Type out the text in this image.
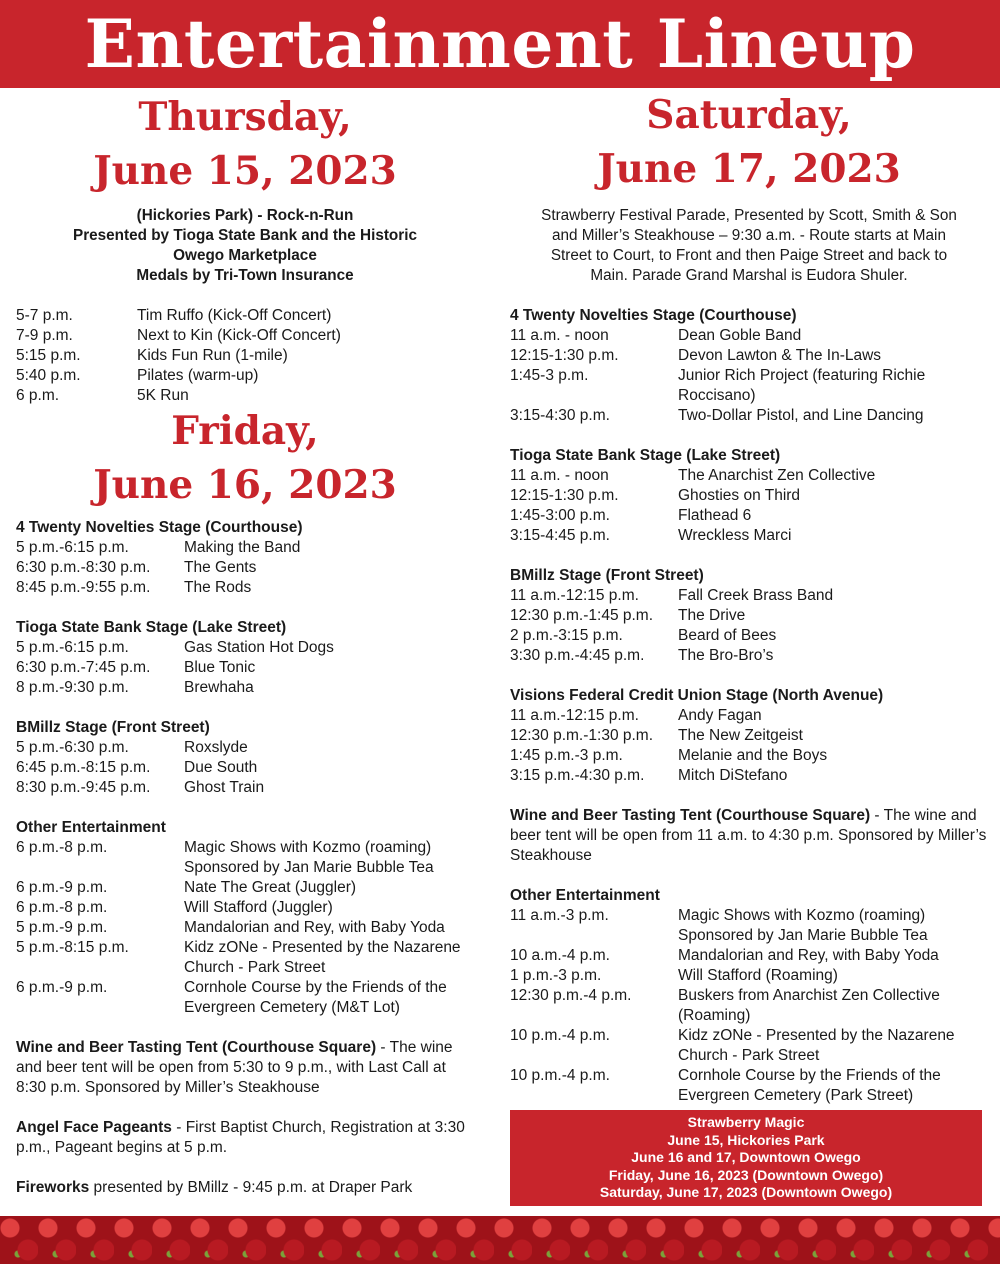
Entertainment Lineup
Thursday,
June 15, 2023
(Hickories Park) - Rock-n-Run
Presented by Tioga State Bank and the Historic
Owego Marketplace
Medals by Tri-Town Insurance
5-7 p.m.	Tim Ruffo (Kick-Off Concert)
7-9 p.m.	Next to Kin (Kick-Off Concert)
5:15 p.m.	Kids Fun Run (1-mile)
5:40 p.m.	Pilates (warm-up)
6 p.m.	5K Run
Friday,
June 16, 2023
4 Twenty Novelties Stage (Courthouse)
5 p.m.-6:15 p.m.	Making the Band
6:30 p.m.-8:30 p.m.	The Gents
8:45 p.m.-9:55 p.m.	The Rods
Tioga State Bank Stage (Lake Street)
5 p.m.-6:15 p.m.	Gas Station Hot Dogs
6:30 p.m.-7:45 p.m.	Blue Tonic
8 p.m.-9:30 p.m.	Brewhaha
BMillz Stage (Front Street)
5 p.m.-6:30 p.m.	Roxslyde
6:45 p.m.-8:15 p.m.	Due South
8:30 p.m.-9:45 p.m.	Ghost Train
Other Entertainment
6 p.m.-8 p.m.	Magic Shows with Kozmo (roaming) Sponsored by Jan Marie Bubble Tea
6 p.m.-9 p.m.	Nate The Great (Juggler)
6 p.m.-8 p.m.	Will Stafford (Juggler)
5 p.m.-9 p.m.	Mandalorian and Rey, with Baby Yoda
5 p.m.-8:15 p.m.	Kidz zONe - Presented by the Nazarene Church - Park Street
6 p.m.-9 p.m.	Cornhole Course by the Friends of the Evergreen Cemetery (M&T Lot)
Wine and Beer Tasting Tent (Courthouse Square) - The wine and beer tent will be open from 5:30 to 9 p.m., with Last Call at 8:30 p.m. Sponsored by Miller’s Steakhouse
Angel Face Pageants - First Baptist Church, Registration at 3:30 p.m., Pageant begins at 5 p.m.
Fireworks presented by BMillz - 9:45 p.m. at Draper Park
Saturday,
June 17, 2023
Strawberry Festival Parade, Presented by Scott, Smith & Son
and Miller’s Steakhouse – 9:30 a.m. - Route starts at Main
Street to Court, to Front and then Paige Street and back to
Main. Parade Grand Marshal is Eudora Shuler.
4 Twenty Novelties Stage (Courthouse)
11 a.m. - noon	Dean Goble Band
12:15-1:30 p.m.	Devon Lawton & The In-Laws
1:45-3 p.m.	Junior Rich Project (featuring Richie Roccisano)
3:15-4:30 p.m.	Two-Dollar Pistol, and Line Dancing
Tioga State Bank Stage (Lake Street)
11 a.m. - noon	The Anarchist Zen Collective
12:15-1:30 p.m.	Ghosties on Third
1:45-3:00 p.m.	Flathead 6
3:15-4:45 p.m.	Wreckless Marci
BMillz Stage (Front Street)
11 a.m.-12:15 p.m.	Fall Creek Brass Band
12:30 p.m.-1:45 p.m.	The Drive
2 p.m.-3:15 p.m.	Beard of Bees
3:30 p.m.-4:45 p.m.	The Bro-Bro’s
Visions Federal Credit Union Stage (North Avenue)
11 a.m.-12:15 p.m.	Andy Fagan
12:30 p.m.-1:30 p.m.	The New Zeitgeist
1:45 p.m.-3 p.m.	Melanie and the Boys
3:15 p.m.-4:30 p.m.	Mitch DiStefano
Wine and Beer Tasting Tent (Courthouse Square) - The wine and beer tent will be open from 11 a.m. to 4:30 p.m. Sponsored by Miller’s Steakhouse
Other Entertainment
11 a.m.-3 p.m.	Magic Shows with Kozmo (roaming) Sponsored by Jan Marie Bubble Tea
10 a.m.-4 p.m.	Mandalorian and Rey, with Baby Yoda
1 p.m.-3 p.m.	Will Stafford (Roaming)
12:30 p.m.-4 p.m.	Buskers from Anarchist Zen Collective (Roaming)
10 p.m.-4 p.m.	Kidz zONe - Presented by the Nazarene Church - Park Street
10 p.m.-4 p.m.	Cornhole Course by the Friends of the Evergreen Cemetery (Park Street)
Strawberry Magic
June 15, Hickories Park
June 16 and 17, Downtown Owego
Friday, June 16, 2023 (Downtown Owego)
Saturday, June 17, 2023 (Downtown Owego)
